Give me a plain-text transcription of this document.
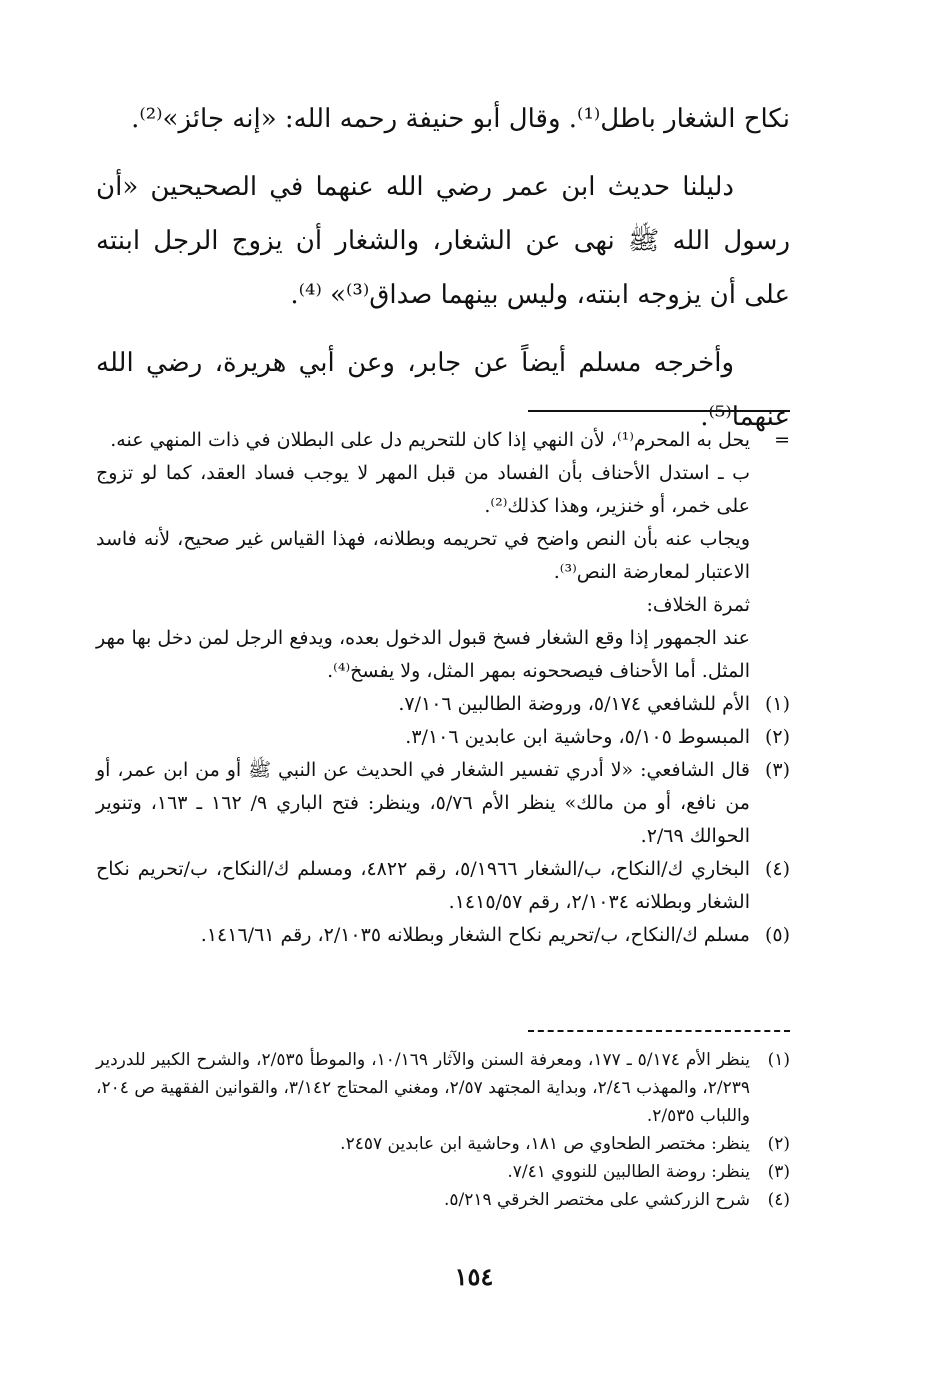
نكاح الشغار باطل⁽¹⁾. وقال أبو حنيفة رحمه الله: «إنه جائز»⁽²⁾.

دليلنا حديث ابن عمر رضي الله عنهما في الصحيحين «أن رسول الله ﷺ نهى عن الشغار، والشغار أن يزوج الرجل ابنته على أن يزوجه ابنته، وليس بينهما صداق⁽³⁾» ⁽⁴⁾.

وأخرجه مسلم أيضاً عن جابر، وعن أبي هريرة، رضي الله عنهما⁽⁵⁾.

=

يحل به المحرم⁽¹⁾، لأن النهي إذا كان للتحريم دل على البطلان في ذات المنهي عنه.

ب ـ استدل الأحناف بأن الفساد من قبل المهر لا يوجب فساد العقد، كما لو تزوج على خمر، أو خنزير، وهذا كذلك⁽²⁾.

ويجاب عنه بأن النص واضح في تحريمه وبطلانه، فهذا القياس غير صحيح، لأنه فاسد الاعتبار لمعارضة النص⁽³⁾.

ثمرة الخلاف:

عند الجمهور إذا وقع الشغار فسخ قبول الدخول بعده، ويدفع الرجل لمن دخل بها مهر المثل. أما الأحناف فيصححونه بمهر المثل، ولا يفسخ⁽⁴⁾.

(١)
الأم للشافعي ٥/١٧٤، وروضة الطالبين ٧/١٠٦.
(٢)
المبسوط ٥/١٠٥، وحاشية ابن عابدين ٣/١٠٦.
(٣)
قال الشافعي: «لا أدري تفسير الشغار في الحديث عن النبي ﷺ أو من ابن عمر، أو من نافع، أو من مالك» ينظر الأم ٥/٧٦، وينظر: فتح الباري ٩/ ١٦٢ ـ ١٦٣، وتنوير الحوالك ٢/٦٩.
(٤)
البخاري ك/النكاح، ب/الشغار ٥/١٩٦٦، رقم ٤٨٢٢، ومسلم ك/النكاح، ب/تحريم نكاح الشغار وبطلانه ٢/١٠٣٤، رقم ١٤١٥/٥٧.
(٥)
مسلم ك/النكاح، ب/تحريم نكاح الشغار وبطلانه ٢/١٠٣٥، رقم ١٤١٦/٦١.
(١)
ينظر الأم ٥/١٧٤ ـ ١٧٧، ومعرفة السنن والآثار ١٠/١٦٩، والموطأ ٢/٥٣٥، والشرح الكبير للدردير ٢/٢٣٩، والمهذب ٢/٤٦، وبداية المجتهد ٢/٥٧، ومغني المحتاج ٣/١٤٢، والقوانين الفقهية ص ٢٠٤، واللباب ٢/٥٣٥.
(٢)
ينظر: مختصر الطحاوي ص ١٨١، وحاشية ابن عابدين ٢٤٥٧.
(٣)
ينظر: روضة الطالبين للنووي ٧/٤١.
(٤)
شرح الزركشي على مختصر الخرقي ٥/٢١٩.
١٥٤
